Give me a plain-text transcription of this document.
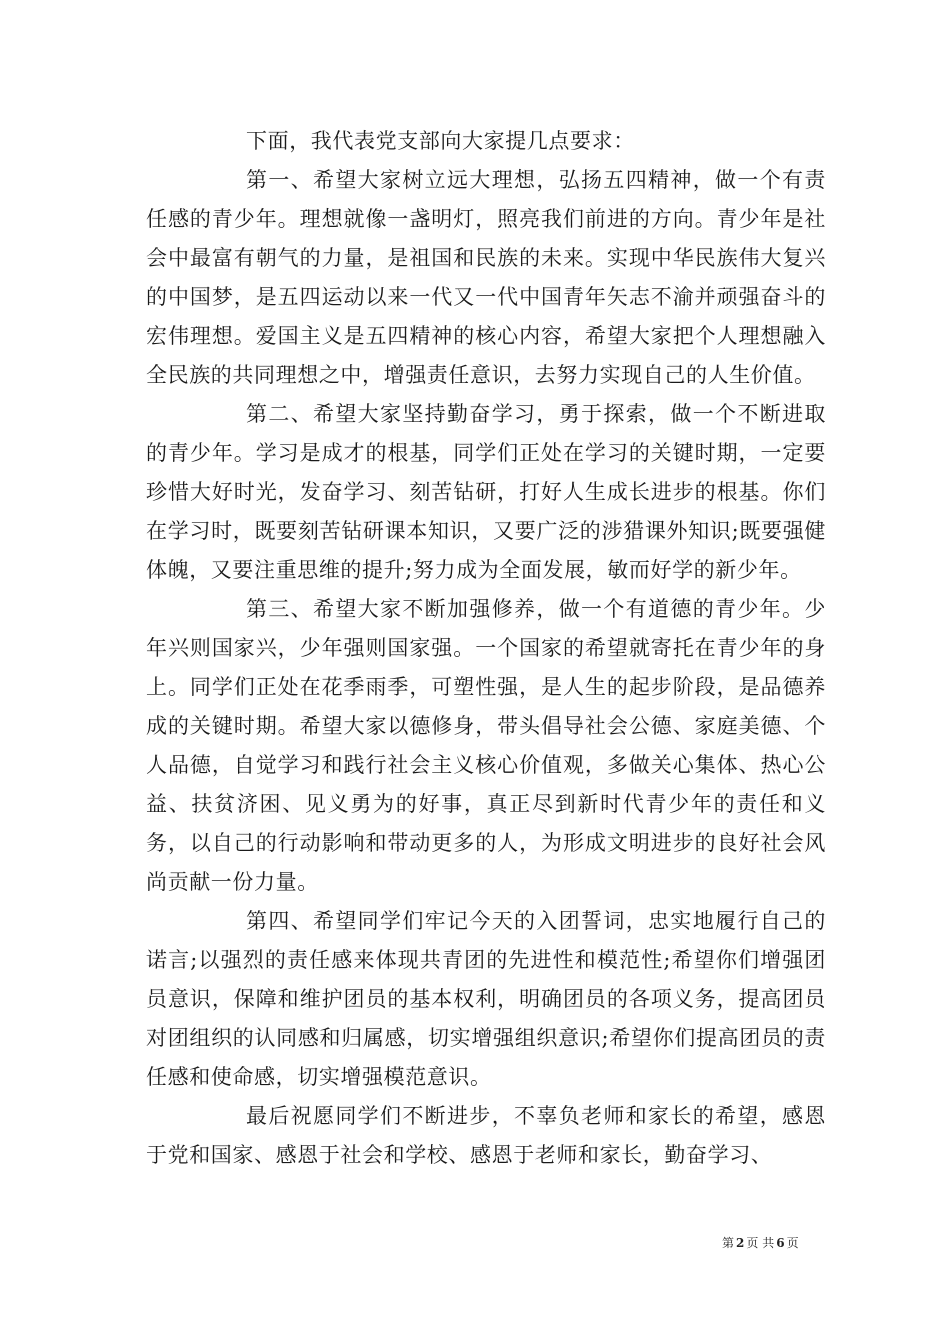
下面，我代表党支部向大家提几点要求：

第一、希望大家树立远大理想，弘扬五四精神，做一个有责任感的青少年。理想就像一盏明灯，照亮我们前进的方向。青少年是社会中最富有朝气的力量，是祖国和民族的未来。实现中华民族伟大复兴的中国梦，是五四运动以来一代又一代中国青年矢志不渝并顽强奋斗的宏伟理想。爱国主义是五四精神的核心内容，希望大家把个人理想融入全民族的共同理想之中，增强责任意识，去努力实现自己的人生价值。

第二、希望大家坚持勤奋学习，勇于探索，做一个不断进取的青少年。学习是成才的根基，同学们正处在学习的关键时期，一定要珍惜大好时光，发奋学习、刻苦钻研，打好人生成长进步的根基。你们在学习时，既要刻苦钻研课本知识，又要广泛的涉猎课外知识;既要强健体魄，又要注重思维的提升;努力成为全面发展，敏而好学的新少年。

第三、希望大家不断加强修养，做一个有道德的青少年。少年兴则国家兴，少年强则国家强。一个国家的希望就寄托在青少年的身上。同学们正处在花季雨季，可塑性强，是人生的起步阶段，是品德养成的关键时期。希望大家以德修身，带头倡导社会公德、家庭美德、个人品德，自觉学习和践行社会主义核心价值观，多做关心集体、热心公益、扶贫济困、见义勇为的好事，真正尽到新时代青少年的责任和义务，以自己的行动影响和带动更多的人，为形成文明进步的良好社会风尚贡献一份力量。

第四、希望同学们牢记今天的入团誓词，忠实地履行自己的诺言;以强烈的责任感来体现共青团的先进性和模范性;希望你们增强团员意识，保障和维护团员的基本权利，明确团员的各项义务，提高团员对团组织的认同感和归属感，切实增强组织意识;希望你们提高团员的责任感和使命感，切实增强模范意识。

最后祝愿同学们不断进步，不辜负老师和家长的希望，感恩于党和国家、感恩于社会和学校、感恩于老师和家长，勤奋学习、

第 2 页 共 6 页
